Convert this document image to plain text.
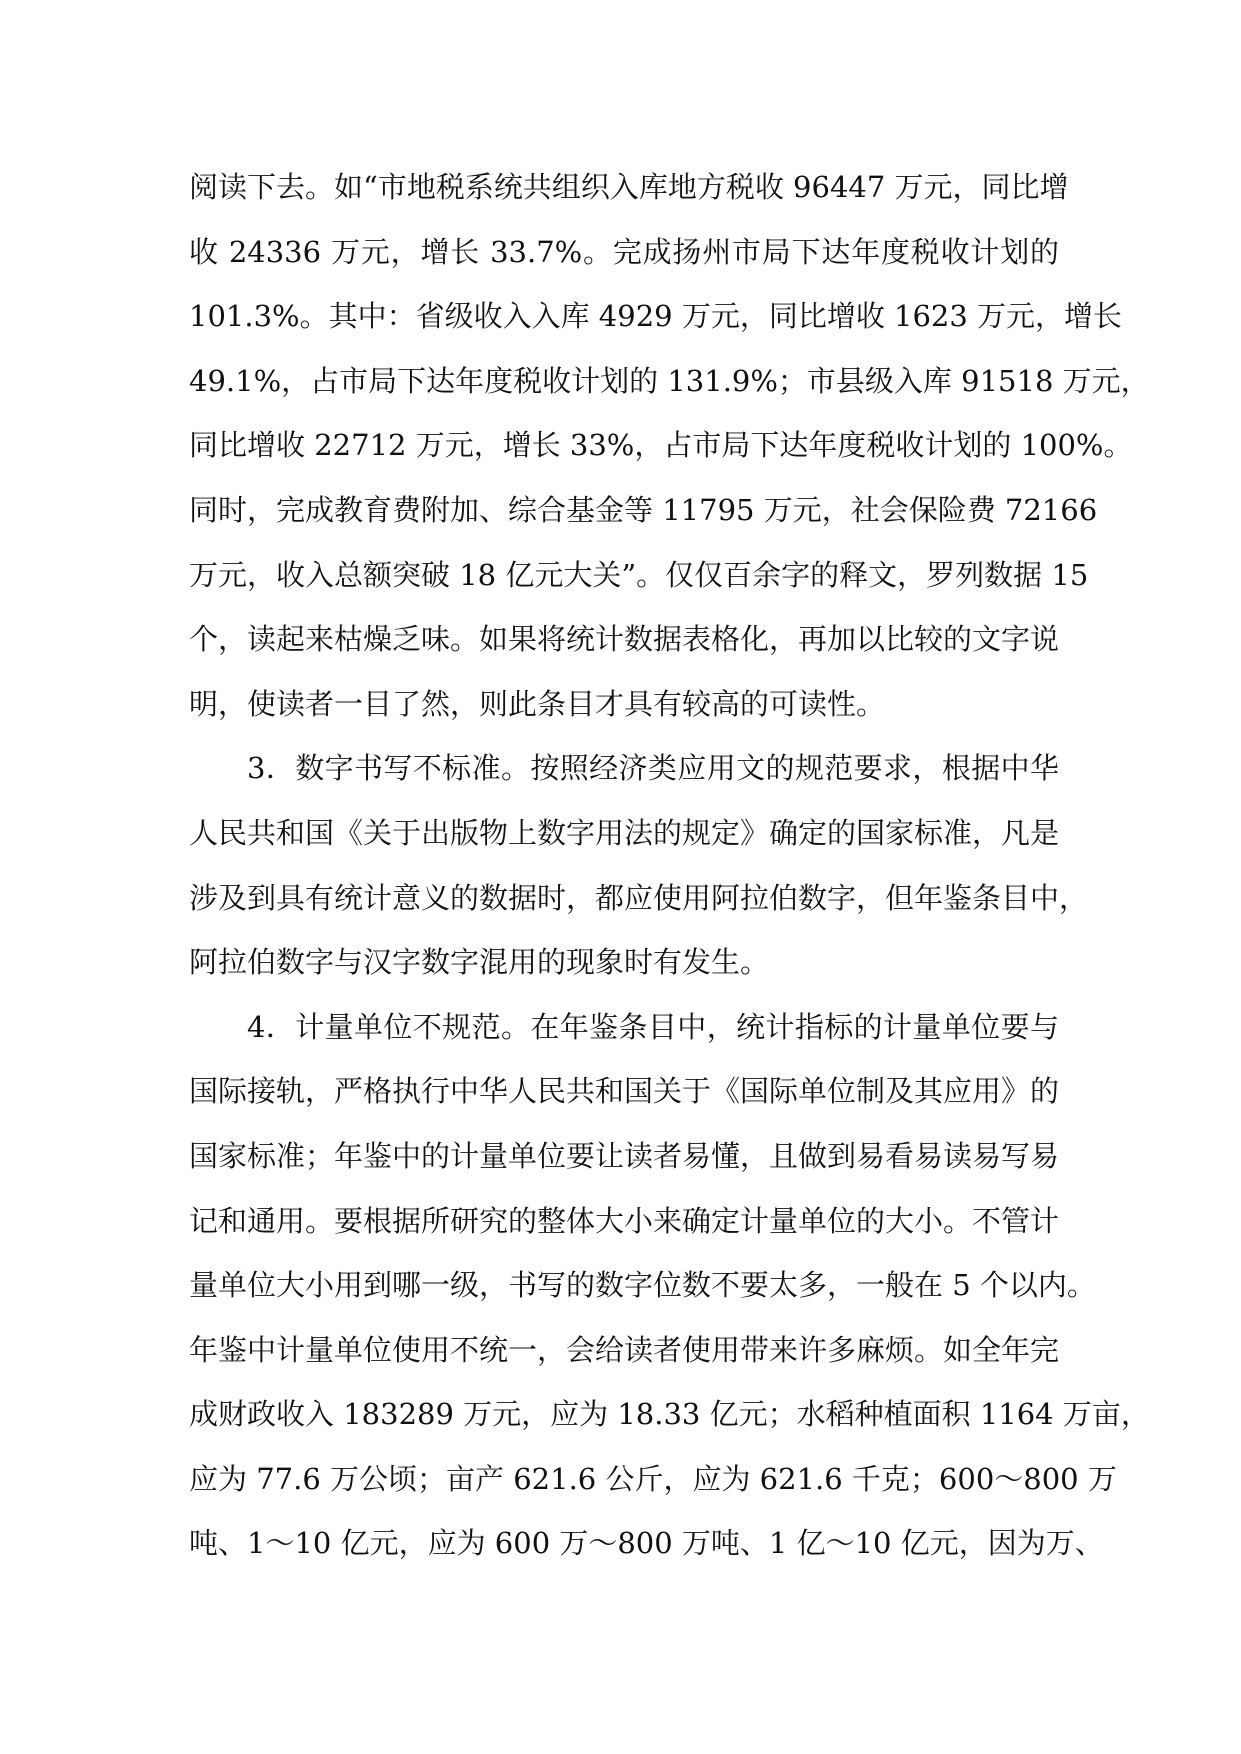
阅读下去。如“市地税系统共组织入库地方税收 96447 万元，同比增
收 24336 万元，增长 33.7%。完成扬州市局下达年度税收计划的
101.3%。其中：省级收入入库 4929 万元，同比增收 1623 万元，增长
49.1%，占市局下达年度税收计划的 131.9%；市县级入库 91518 万元，
同比增收 22712 万元，增长 33%，占市局下达年度税收计划的 100%。
同时，完成教育费附加、综合基金等 11795 万元，社会保险费 72166
万元，收入总额突破 18 亿元大关”。仅仅百余字的释文，罗列数据 15
个，读起来枯燥乏味。如果将统计数据表格化，再加以比较的文字说
明，使读者一目了然，则此条目才具有较高的可读性。
3．数字书写不标准。按照经济类应用文的规范要求，根据中华
人民共和国《关于出版物上数字用法的规定》确定的国家标准，凡是
涉及到具有统计意义的数据时，都应使用阿拉伯数字，但年鉴条目中，
阿拉伯数字与汉字数字混用的现象时有发生。
4．计量单位不规范。在年鉴条目中，统计指标的计量单位要与
国际接轨，严格执行中华人民共和国关于《国际单位制及其应用》的
国家标准；年鉴中的计量单位要让读者易懂，且做到易看易读易写易
记和通用。要根据所研究的整体大小来确定计量单位的大小。不管计
量单位大小用到哪一级，书写的数字位数不要太多，一般在 5 个以内。
年鉴中计量单位使用不统一，会给读者使用带来许多麻烦。如全年完
成财政收入 183289 万元，应为 18.33 亿元；水稻种植面积 1164 万亩，
应为 77.6 万公顷；亩产 621.6 公斤，应为 621.6 千克；600～800 万
吨、1～10 亿元，应为 600 万～800 万吨、1 亿～10 亿元，因为万、
